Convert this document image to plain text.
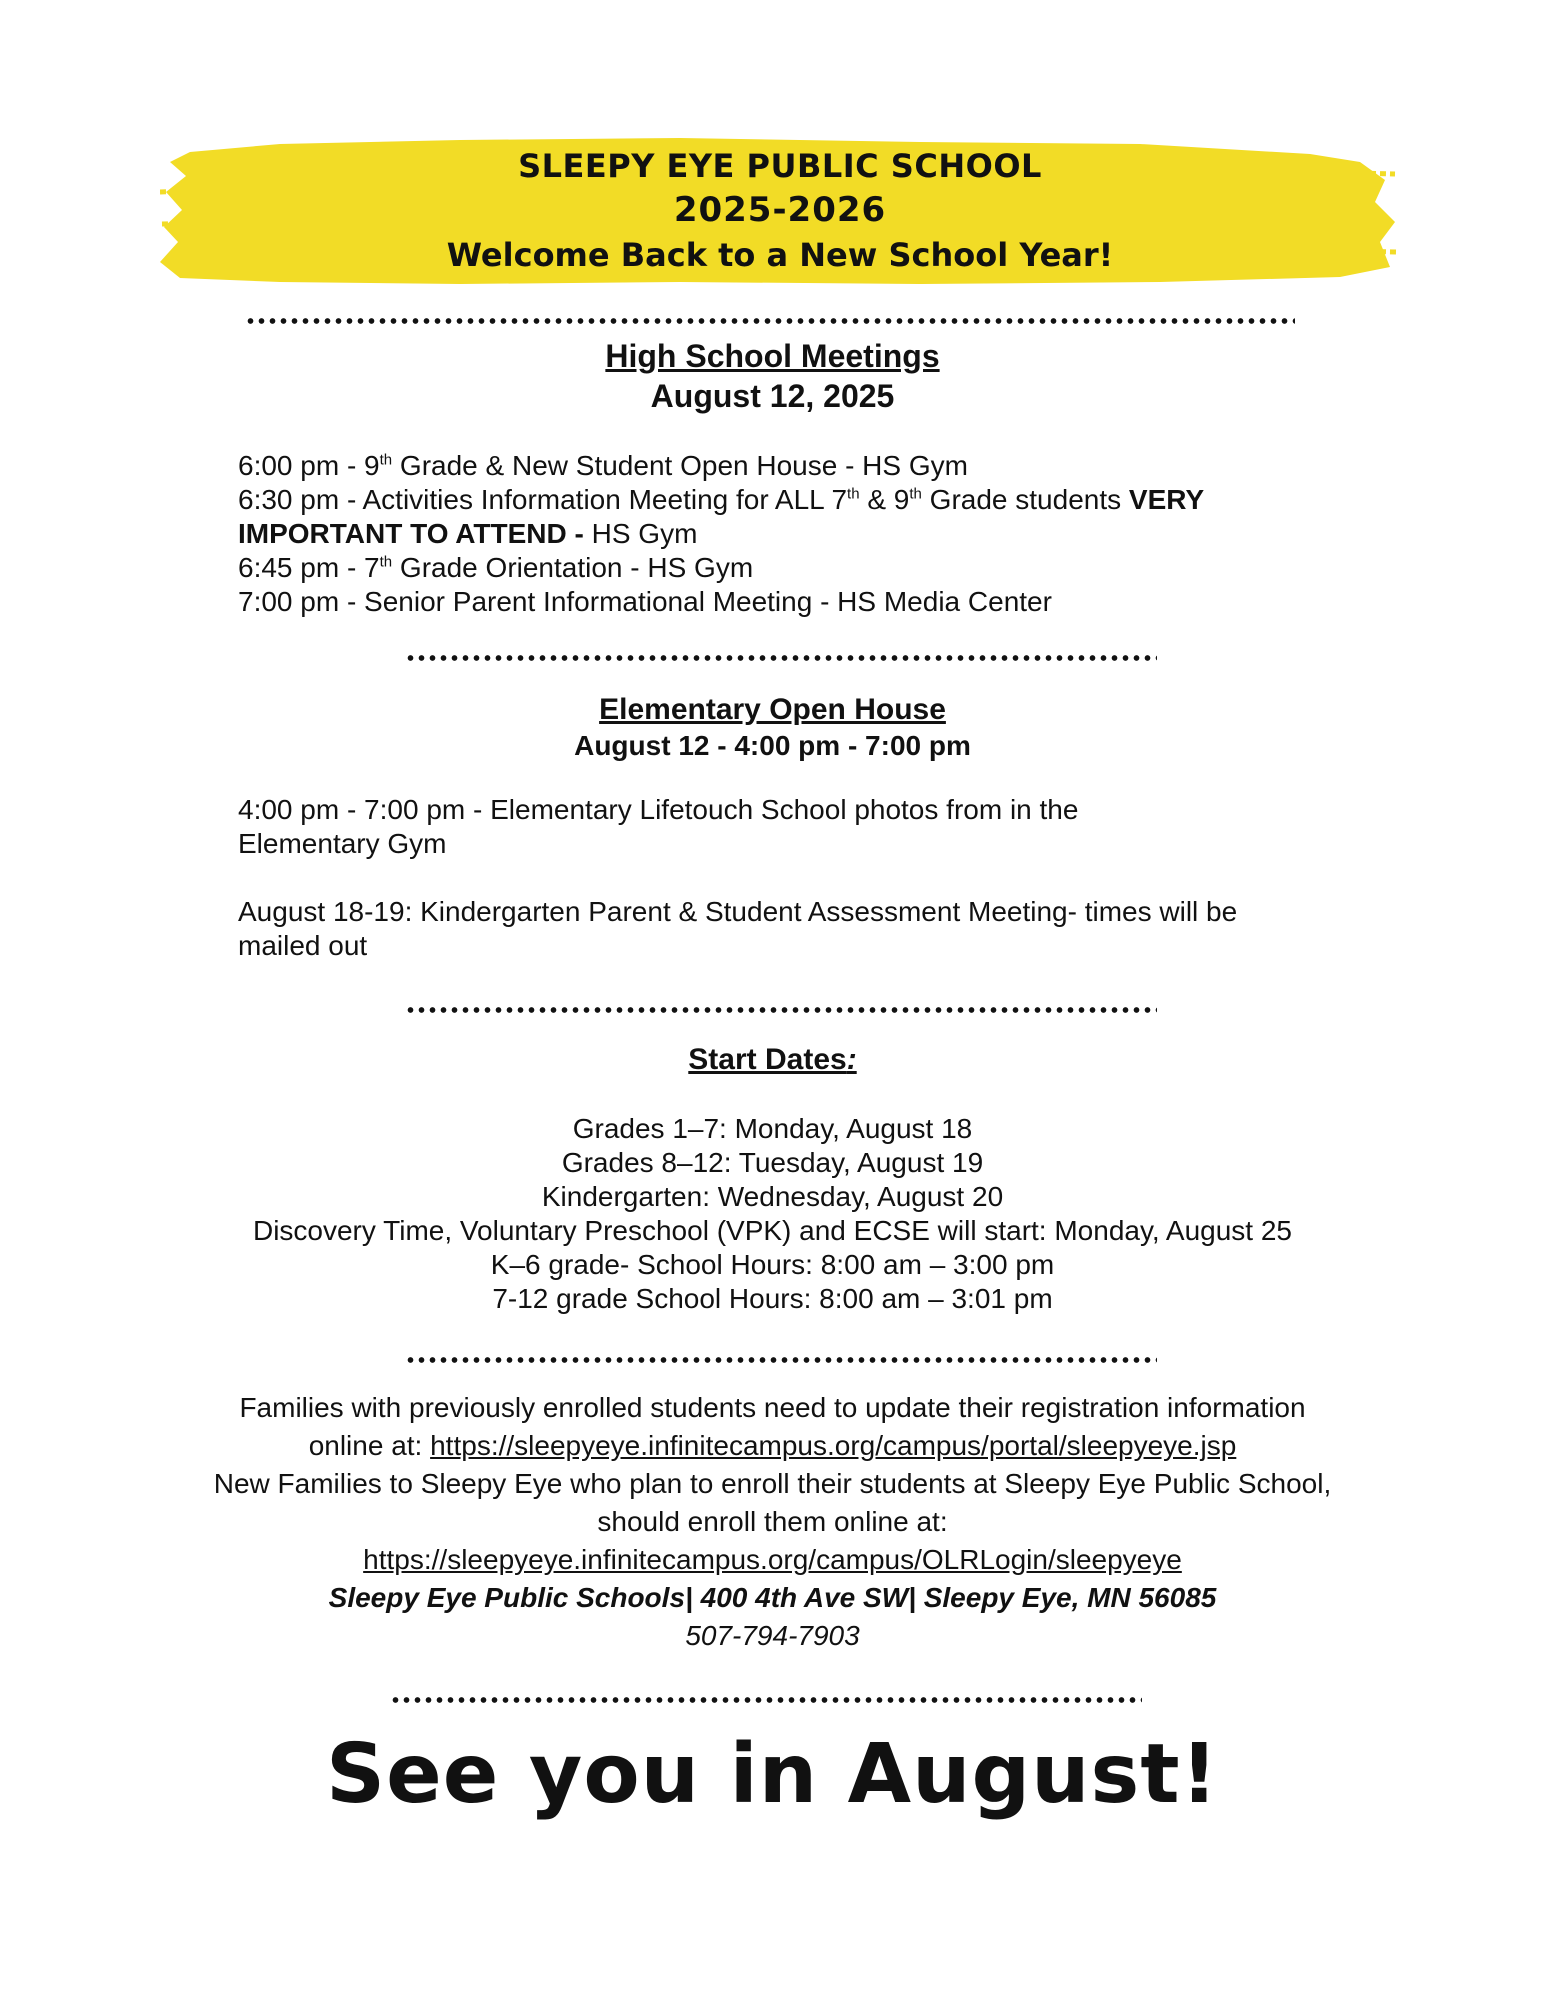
SLEEPY EYE PUBLIC SCHOOL
2025-2026
Welcome Back to a New School Year!
High School Meetings
August 12, 2025

6:00 pm - 9th Grade & New Student Open House - HS Gym

6:30 pm - Activities Information Meeting for ALL 7th & 9th Grade students VERY IMPORTANT TO ATTEND - HS Gym

6:45 pm - 7th Grade Orientation - HS Gym

7:00 pm - Senior Parent Informational Meeting - HS Media Center

Elementary Open House
August 12 - 4:00 pm - 7:00 pm

4:00 pm - 7:00 pm - Elementary Lifetouch School photos from in the Elementary Gym

August 18-19: Kindergarten Parent & Student Assessment Meeting- times will be mailed out

Start Dates:
Grades 1–7: Monday, August 18
Grades 8–12: Tuesday, August 19
Kindergarten: Wednesday, August 20
Discovery Time, Voluntary Preschool (VPK) and ECSE will start: Monday, August 25
K–6 grade- School Hours: 8:00 am – 3:00 pm
7-12 grade School Hours: 8:00 am – 3:01 pm
Families with previously enrolled students need to update their registration information
online at: https://sleepyeye.infinitecampus.org/campus/portal/sleepyeye.jsp
New Families to Sleepy Eye who plan to enroll their students at Sleepy Eye Public School,
should enroll them online at:
https://sleepyeye.infinitecampus.org/campus/OLRLogin/sleepyeye
Sleepy Eye Public Schools| 400 4th Ave SW| Sleepy Eye, MN 56085
507-794-7903
See you in August!
